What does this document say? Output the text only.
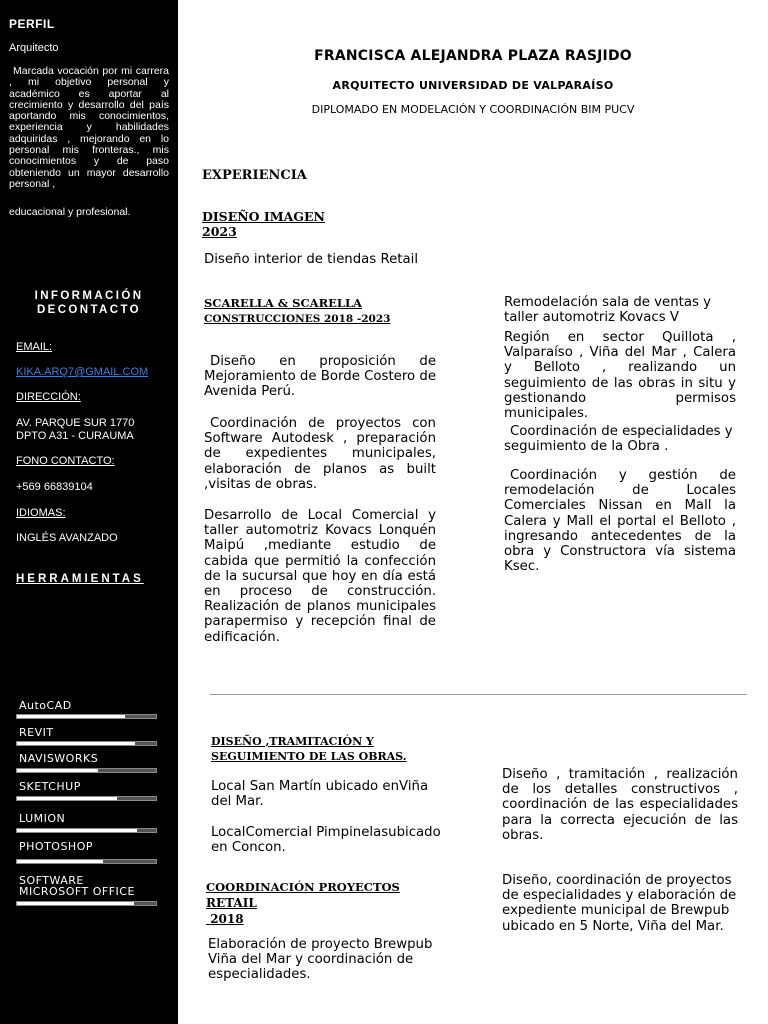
PERFIL
Arquitecto
Marcada vocación por mi carrera , mi objetivo personal y académico es aportar al crecimiento y desarrollo del país aportando mis conocimientos, experiencia y habilidades adquiridas , mejorando en lo personal mis fronteras., mis conocimientos y de paso obteniendo un mayor desarrollo personal ,
educacional y profesional.
INFORMACIÓN
DECONTACTO
EMAIL:
KIKA.ARQ7@GMAIL.COM
DIRECCIÓN:
AV. PARQUE SUR 1770
DPTO A31 - CURAUMA
FONO CONTACTO:
+569 66839104
IDIOMAS:
INGLÉS AVANZADO
HERRAMIENTAS
AutoCAD
REVIT
NAVISWORKS
SKETCHUP
LUMION
PHOTOSHOP
SOFTWARE
MICROSOFT OFFICE
FRANCISCA ALEJANDRA PLAZA RASJIDO
ARQUITECTO UNIVERSIDAD DE VALPARAÍSO
DIPLOMADO EN MODELACIÓN Y COORDINACIÓN BIM PUCV
EXPERIENCIA
DISEÑO IMAGEN
2023
Diseño interior de tiendas Retail
SCARELLA & SCARELLA
CONSTRUCCIONES 2018 -2023
Diseño en proposición de Mejoramiento de Borde Costero de Avenida Perú.
Coordinación de proyectos con Software Autodesk , preparación de expedientes municipales, elaboración de planos as built ,visitas de obras.
Desarrollo de Local Comercial y taller automotriz Kovacs Lonquén Maipú ,mediante estudio de cabida que permitió la confección de la sucursal que hoy en día está en proceso de construcción. Realización de planos municipales parapermiso y recepción final de edificación.
Remodelación sala de ventas y taller automotriz Kovacs V
Región en sector Quillota , Valparaíso , Viña del Mar , Calera y Belloto , realizando un seguimiento de las obras in situ y gestionando permisos municipales.
Coordinación de especialidades y seguimiento de la Obra .
Coordinación y gestión de remodelación de Locales Comerciales Nissan en Mall la Calera y Mall el portal el Belloto , ingresando antecedentes de la obra y Constructora vía sistema Ksec.
DISEÑO ,TRAMITACIÓN Y
SEGUIMIENTO DE LAS OBRAS.
Local San Martín ubicado enViña del Mar.
LocalComercial Pimpinelasubicado en Concon.
Diseño , tramitación , realización de los detalles constructivos , coordinación de las especialidades para la correcta ejecución de las obras.
COORDINACIÓN PROYECTOS
RETAIL
2018
Elaboración de proyecto Brewpub Viña del Mar y coordinación de especialidades.
Diseño, coordinación de proyectos de especialidades y elaboración de expediente municipal de Brewpub ubicado en 5 Norte, Viña del Mar.
